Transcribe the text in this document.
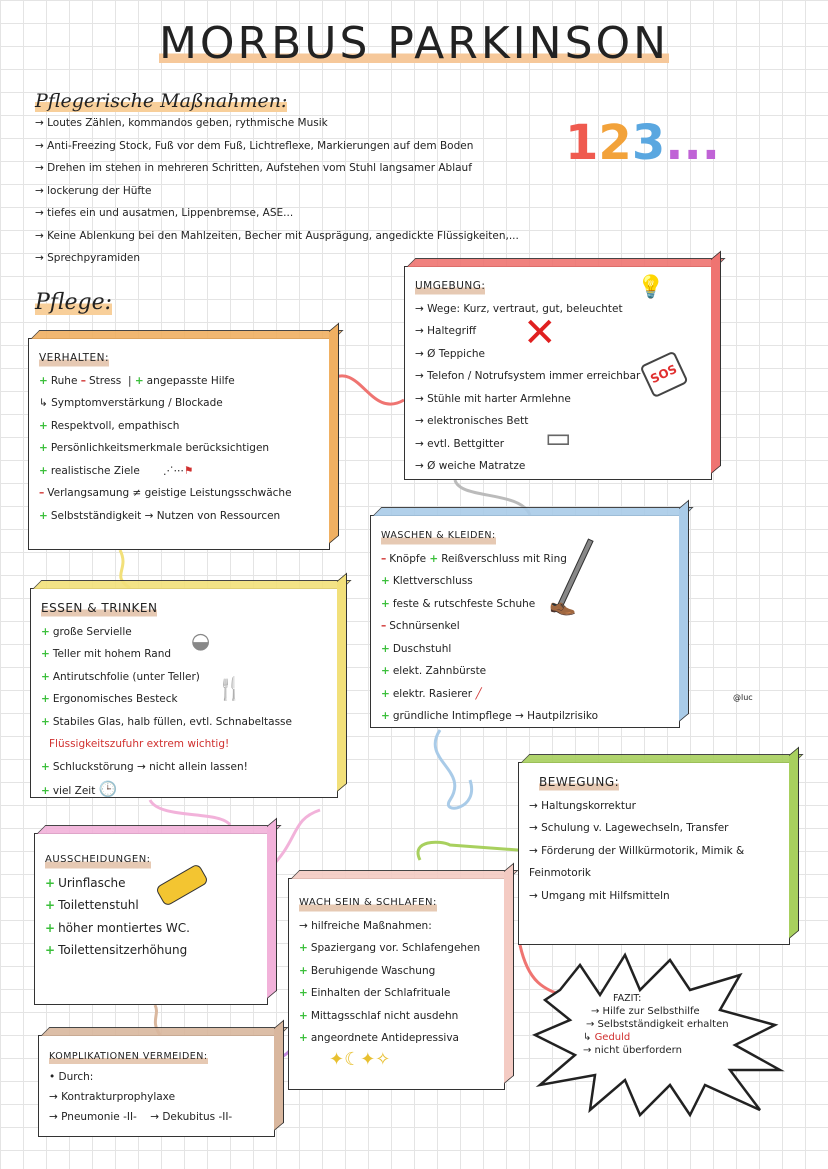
MORBUS PARKINSON
Pflegerische Maßnahmen:
→ Loutes Zählen, kommandos geben, rythmische Musik
→ Anti-Freezing Stock, Fuß vor dem Fuß, Lichtreflexe, Markierungen auf dem Boden
→ Drehen im stehen in mehreren Schritten, Aufstehen vom Stuhl langsamer Ablauf
→ lockerung der Hüfte
→ tiefes ein und ausatmen, Lippenbremse, ASE...
→ Keine Ablenkung bei den Mahlzeiten, Becher mit Ausprägung, angedickte Flüssigkeiten,...
→ Sprechpyramiden
123...
Pflege:
VERHALTEN:
+ Ruhe – Stress  | + angepasste Hilfe
↳ Symptomverstärkung / Blockade
+ Respektvoll, empathisch
+ Persönlichkeitsmerkmale berücksichtigen
+ realistische Ziele ⋰⋯⚑
– Verlangsamung ≠ geistige Leistungsschwäche
+ Selbstständigkeit → Nutzen von Ressourcen
UMGEBUNG:
→ Wege: Kurz, vertraut, gut, beleuchtet
→ Haltegriff
→ Ø Teppiche
→ Telefon / Notrufsystem immer erreichbar
→ Stühle mit harter Armlehne
→ elektronisches Bett
→ evtl. Bettgitter
→ Ø weiche Matratze
💡
✕
SOS
▭
ESSEN & TRINKEN
+ große Servielle
+ Teller mit hohem Rand
+ Antirutschfolie (unter Teller)
+ Ergonomisches Besteck
+ Stabiles Glas, halb füllen, evtl. Schnabeltasse
Flüssigkeitszufuhr extrem wichtig!
+ Schluckstörung → nicht allein lassen!
+ viel Zeit 🕒
◒
🍴
WASCHEN & KLEIDEN:
– Knöpfe + Reißverschluss mit Ring
+ Klettverschluss
+ feste & rutschfeste Schuhe
– Schnürsenkel
+ Duschstuhl
+ elekt. Zahnbürste
+ elektr. Rasierer ╱
+ gründliche Intimpflege → Hautpilzrisiko
👞
@luc
BEWEGUNG:
→ Haltungskorrektur
→ Schulung v. Lagewechseln, Transfer
→ Förderung der Willkürmotorik, Mimik & Feinmotorik
→ Umgang mit Hilfsmitteln
AUSSCHEIDUNGEN:
+ Urinflasche
+ Toilettenstuhl
+ höher montiertes WC.
+ Toilettensitzerhöhung
WACH SEIN & SCHLAFEN:
→ hilfreiche Maßnahmen:
+ Spaziergang vor. Schlafengehen
+ Beruhigende Waschung
+ Einhalten der Schlafrituale
+ Mittagsschlaf nicht ausdehn
+ angeordnete Antidepressiva
✦☾✦✧
KOMPLIKATIONEN VERMEIDEN:
• Durch:
→ Kontrakturprophylaxe
→ Pneumonie -II-    → Dekubitus -II-
FAZIT:
→ Hilfe zur Selbsthilfe
→ Selbstständigkeit erhalten
↳ Geduld
→ nicht überfordern
